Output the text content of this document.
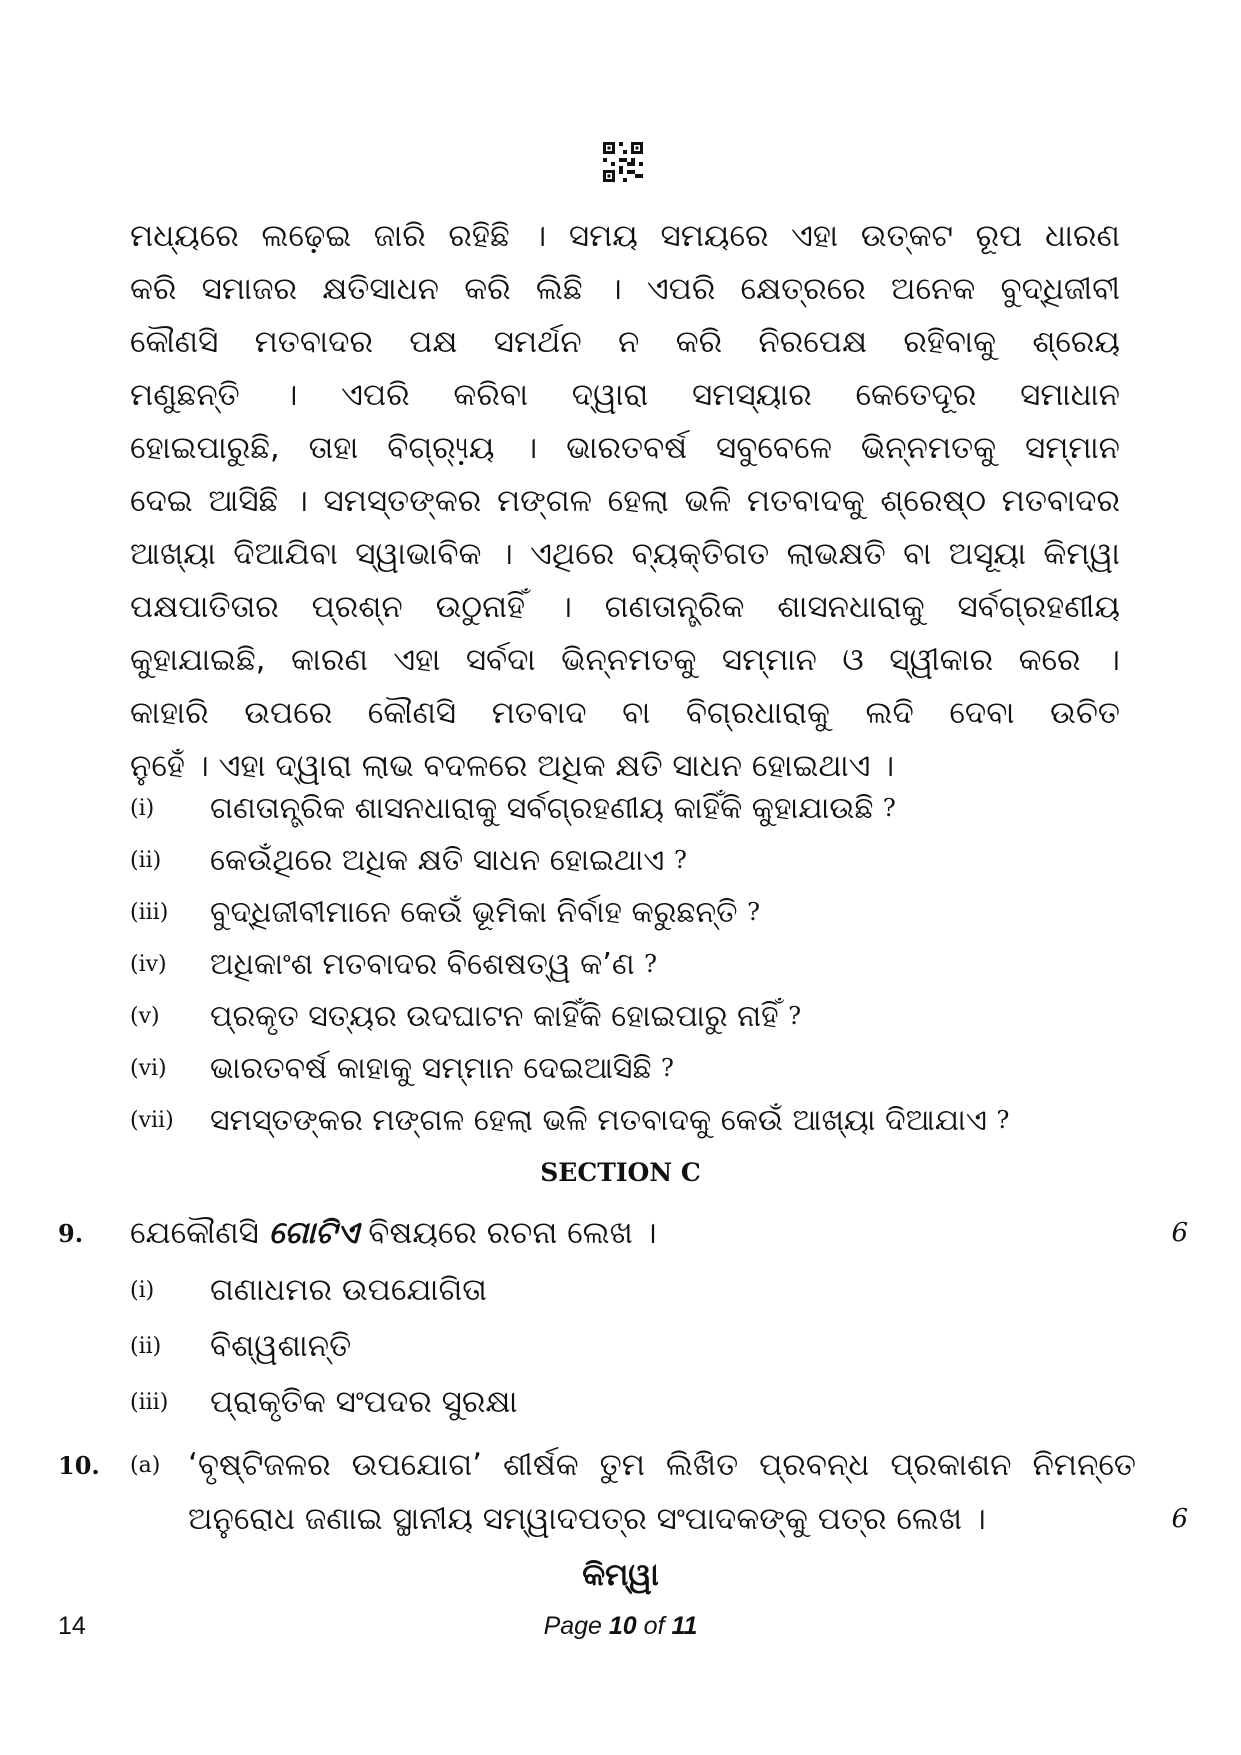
ମଧ୍ୟରେ ଲଢ଼େଇ ଜାରି ରହିଛି । ସମୟ ସମୟରେ ଏହା ଉତ୍କଟ ରୂପ ଧାରଣ
କରି ସମାଜର କ୍ଷତିସାଧନ କରି ଲିଛି । ଏପରି କ୍ଷେତ୍ରରେ ଅନେକ ବୁଦ୍ଧିଜୀବୀ
କୌଣସି ମତବାଦର ପକ୍ଷ ସମର୍ଥନ ନ କରି ନିରପେକ୍ଷ ରହିବାକୁ ଶ୍ରେୟ
ମଣୁଛନ୍ତି । ଏପରି କରିବା ଦ୍ୱାରା ସମସ୍ୟାର କେତେଦୂର ସମାଧାନ
ହୋଇପାରୁଛି, ତାହା ବିଗ୍ର୍ଯ୍ୟ । ଭାରତବର୍ଷ ସବୁବେଳେ ଭିନ୍ନମତକୁ ସମ୍ମାନ
ଦେଇ ଆସିଛି । ସମସ୍ତଙ୍କର ମଙ୍ଗଳ ହେଲା ଭଳି ମତବାଦକୁ ଶ୍ରେଷ୍ଠ ମତବାଦର
ଆଖ୍ୟା ଦିଆଯିବା ସ୍ୱାଭାବିକ । ଏଥିରେ ବ୍ୟକ୍ତିଗତ ଲାଭକ୍ଷତି ବା ଅସୂୟା କିମ୍ୱା
ପକ୍ଷପାତିତାର ପ୍ରଶ୍ନ ଉଠୁନାହିଁ । ଗଣତାନ୍ତ୍ରିକ ଶାସନଧାରାକୁ ସର୍ବଗ୍ରହଣୀୟ
କୁହାଯାଇଛି, କାରଣ ଏହା ସର୍ବଦା ଭିନ୍ନମତକୁ ସମ୍ମାନ ଓ ସ୍ୱୀକାର କରେ ।
କାହାରି ଉପରେ କୌଣସି ମତବାଦ ବା ବିଗ୍ରଧାରାକୁ ଲଦି ଦେବା ଉଚିତ
ନୁହେଁ । ଏହା ଦ୍ୱାରା ଲାଭ ବଦଳରେ ଅଧିକ କ୍ଷତି ସାଧନ ହୋଇଥାଏ ।
(i)	ଗଣତାନ୍ତ୍ରିକ ଶାସନଧାରାକୁ ସର୍ବଗ୍ରହଣୀୟ କାହିଁକି କୁହାଯାଉଛି
?
(ii)	କେଉଁଥିରେ ଅଧିକ କ୍ଷତି ସାଧନ ହୋଇଥାଏ
?
(iii)	ବୁଦ୍ଧିଜୀବୀମାନେ କେଉଁ ଭୂମିକା ନିର୍ବାହ କରୁଛନ୍ତି
?
(iv)	ଅଧିକାଂଶ ମତବାଦର ବିଶେଷତ୍ୱ କ’ଣ
?
(v)	ପ୍ରକୃତ ସତ୍ୟର ଉଦଘାଟନ କାହିଁକି ହୋଇପାରୁ ନାହିଁ
?
(vi)	ଭାରତବର୍ଷ କାହାକୁ ସମ୍ମାନ ଦେଇଆସିଛି
?
(vii)	ସମସ୍ତଙ୍କର ମଙ୍ଗଳ ହେଲା ଭଳି ମତବାଦକୁ କେଉଁ ଆଖ୍ୟା ଦିଆଯାଏ
?
SECTION C
9.	ଯେକୌଣସି ଗୋଟିଏ ବିଷୟରେ ରଚନା ଲେଖ ।	6
(i)	ଗଣାଧମର ଉପଯୋଗିତା
(ii)	ବିଶ୍ୱଶାନ୍ତି
(iii)	ପ୍ରାକୃତିକ ସଂପଦର ସୁରକ୍ଷା
10.	(a) ‘ବୃଷ୍ଟିଜଳର ଉପଯୋଗ’ ଶୀର୍ଷକ ତୁମ ଲିଖିତ ପ୍ରବନ୍ଧ ପ୍ରକାଶନ ନିମନ୍ତେ
ଅନୁରୋଧ ଜଣାଇ ସ୍ଥାନୀୟ ସମ୍ୱାଦପତ୍ର ସଂପାଦକଙ୍କୁ ପତ୍ର ଲେଖ ।	6
କିମ୍ୱା
14	Page 10 of 11
